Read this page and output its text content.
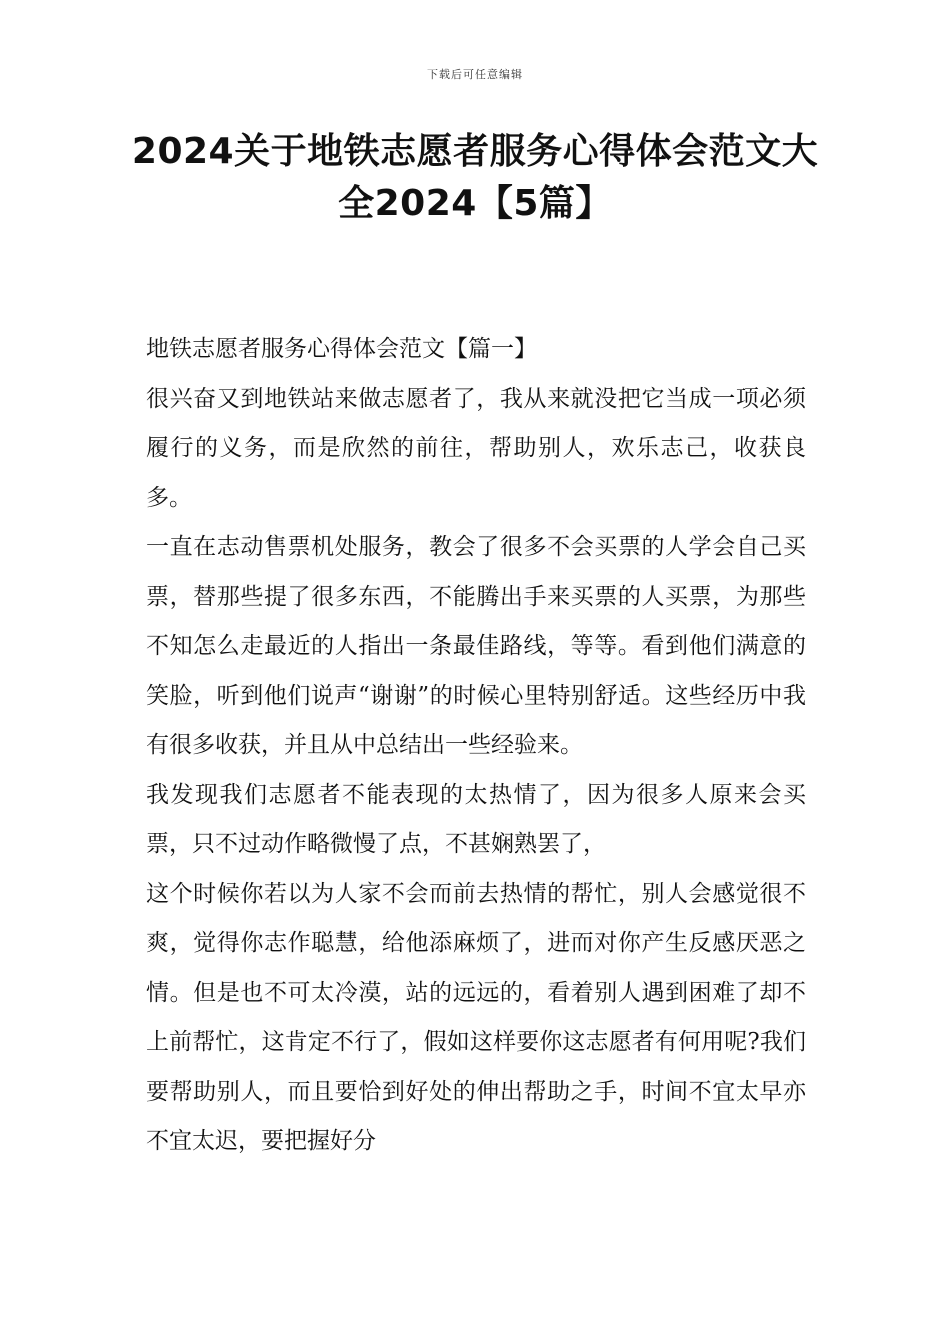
下载后可任意编辑
2024关于地铁志愿者服务心得体会范文大
全2024【5篇】

地铁志愿者服务心得体会范文【篇一】

很兴奋又到地铁站来做志愿者了，我从来就没把它当成一项必须履行的义务，而是欣然的前往，帮助别人，欢乐志己，收获良多。

一直在志动售票机处服务，教会了很多不会买票的人学会自己买票，替那些提了很多东西，不能腾出手来买票的人买票，为那些不知怎么走最近的人指出一条最佳路线，等等。看到他们满意的笑脸，听到他们说声“谢谢”的时候心里特别舒适。这些经历中我有很多收获，并且从中总结出一些经验来。

我发现我们志愿者不能表现的太热情了，因为很多人原来会买票，只不过动作略微慢了点，不甚娴熟罢了，

这个时候你若以为人家不会而前去热情的帮忙，别人会感觉很不爽，觉得你志作聪慧，给他添麻烦了，进而对你产生反感厌恶之情。但是也不可太冷漠，站的远远的，看着别人遇到困难了却不上前帮忙，这肯定不行了，假如这样要你这志愿者有何用呢?我们要帮助别人，而且要恰到好处的伸出帮助之手，时间不宜太早亦不宜太迟，要把握好分
